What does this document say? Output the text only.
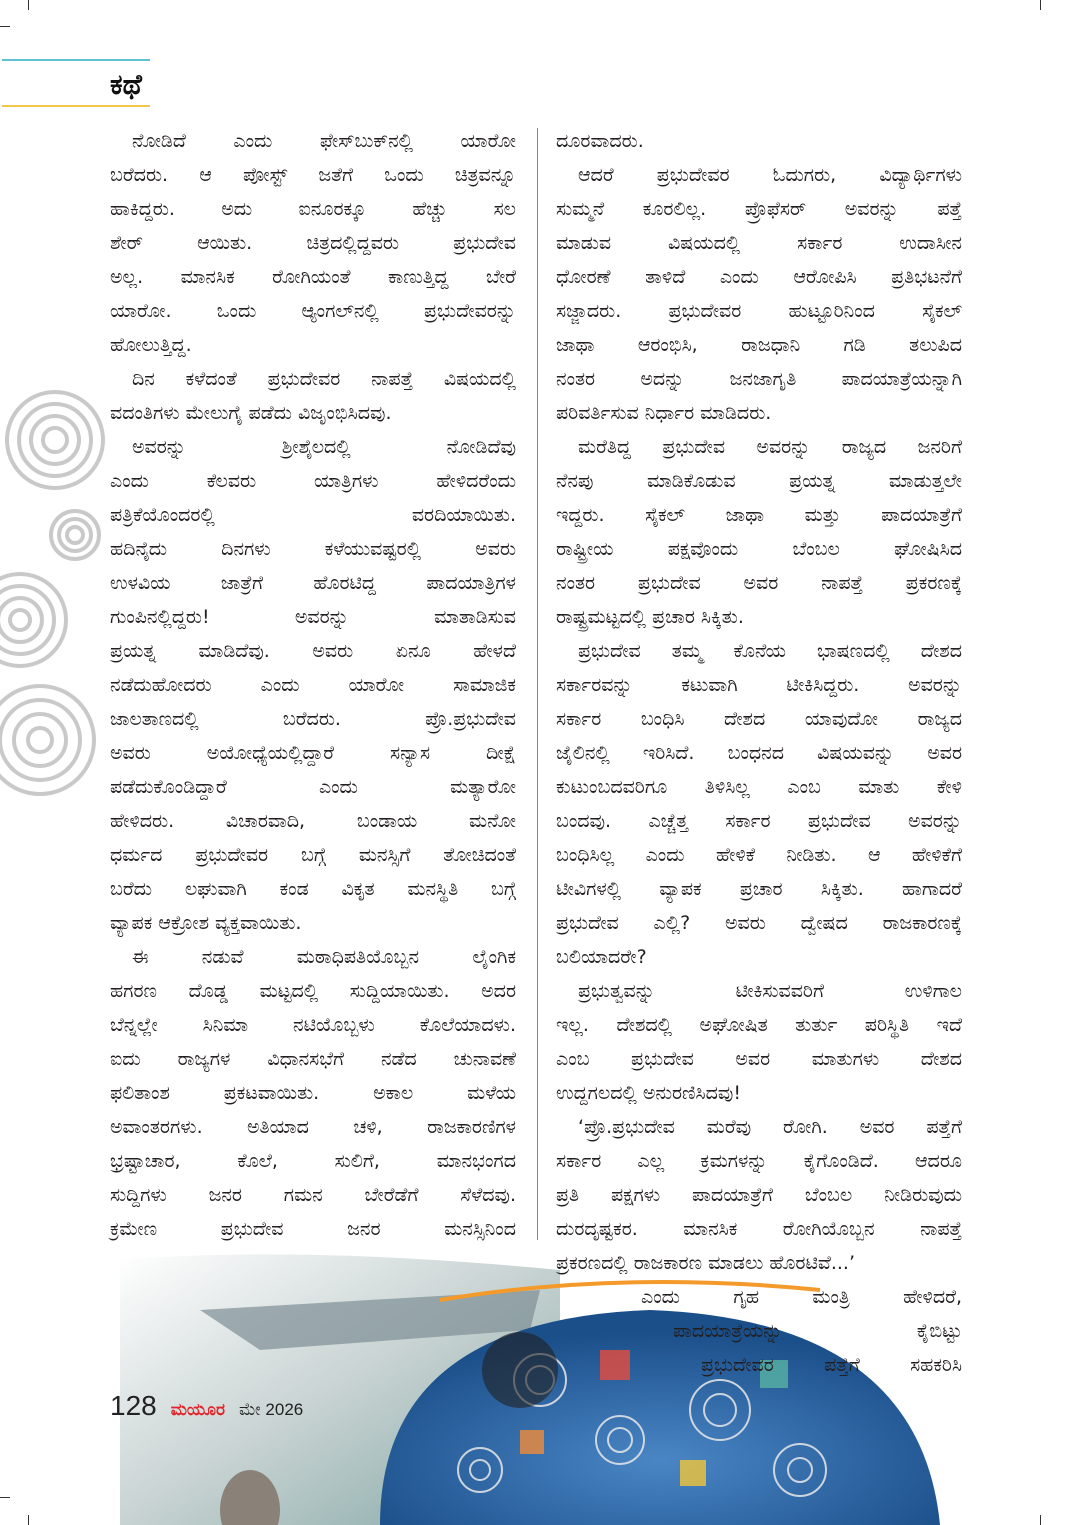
ಕಥೆ
ನೋಡಿದೆ ಎಂದು ಫೇಸ್‌ಬುಕ್‌ನಲ್ಲಿ ಯಾರೋ
ಬರೆದರು. ಆ ಪೋಸ್ಟ್ ಜತೆಗೆ ಒಂದು ಚಿತ್ರವನ್ನೂ
ಹಾಕಿದ್ದರು. ಅದು ಐನೂರಕ್ಕೂ ಹೆಚ್ಚು ಸಲ
ಶೇರ್ ಆಯಿತು. ಚಿತ್ರದಲ್ಲಿದ್ದವರು ಪ್ರಭುದೇವ
ಅಲ್ಲ. ಮಾನಸಿಕ ರೋಗಿಯಂತೆ ಕಾಣುತ್ತಿದ್ದ ಬೇರೆ
ಯಾರೋ. ಒಂದು ಆ್ಯಂಗಲ್‌ನಲ್ಲಿ ಪ್ರಭುದೇವರನ್ನು
ಹೋಲುತ್ತಿದ್ದ.
ದಿನ ಕಳೆದಂತೆ ಪ್ರಭುದೇವರ ನಾಪತ್ತೆ ವಿಷಯದಲ್ಲಿ
ವದಂತಿಗಳು ಮೇಲುಗೈ ಪಡೆದು ವಿಜೃಂಭಿಸಿದವು.
ಅವರನ್ನು ಶ್ರೀಶೈಲದಲ್ಲಿ ನೋಡಿದೆವು
ಎಂದು ಕೆಲವರು ಯಾತ್ರಿಗಳು ಹೇಳಿದರೆಂದು
ಪತ್ರಿಕೆಯೊಂದರಲ್ಲಿ ವರದಿಯಾಯಿತು.
ಹದಿನೈದು ದಿನಗಳು ಕಳೆಯುವಷ್ಟರಲ್ಲಿ ಅವರು
ಉಳವಿಯ ಜಾತ್ರೆಗೆ ಹೊರಟಿದ್ದ ಪಾದಯಾತ್ರಿಗಳ
ಗುಂಪಿನಲ್ಲಿದ್ದರು! ಅವರನ್ನು ಮಾತಾಡಿಸುವ
ಪ್ರಯತ್ನ ಮಾಡಿದೆವು. ಅವರು ಏನೂ ಹೇಳದೆ
ನಡೆದುಹೋದರು ಎಂದು ಯಾರೋ ಸಾಮಾಜಿಕ
ಜಾಲತಾಣದಲ್ಲಿ ಬರೆದರು. ಪ್ರೊ.ಪ್ರಭುದೇವ
ಅವರು ಅಯೋಧ್ಯೆಯಲ್ಲಿದ್ದಾರೆ ಸನ್ಯಾಸ ದೀಕ್ಷೆ
ಪಡೆದುಕೊಂಡಿದ್ದಾರೆ ಎಂದು ಮತ್ಯಾರೋ
ಹೇಳಿದರು. ವಿಚಾರವಾದಿ, ಬಂಡಾಯ ಮನೋ
ಧರ್ಮದ ಪ್ರಭುದೇವರ ಬಗ್ಗೆ ಮನಸ್ಸಿಗೆ ತೋಚಿದಂತೆ
ಬರೆದು ಲಘುವಾಗಿ ಕಂಡ ವಿಕೃತ ಮನಸ್ಥಿತಿ ಬಗ್ಗೆ
ವ್ಯಾಪಕ ಆಕ್ರೋಶ ವ್ಯಕ್ತವಾಯಿತು.
ಈ ನಡುವೆ ಮಠಾಧಿಪತಿಯೊಬ್ಬನ ಲೈಂಗಿಕ
ಹಗರಣ ದೊಡ್ಡ ಮಟ್ಟದಲ್ಲಿ ಸುದ್ದಿಯಾಯಿತು. ಅದರ
ಬೆನ್ನಲ್ಲೇ ಸಿನಿಮಾ ನಟಿಯೊಬ್ಬಳು ಕೊಲೆಯಾದಳು.
ಐದು ರಾಜ್ಯಗಳ ವಿಧಾನಸಭೆಗೆ ನಡೆದ ಚುನಾವಣೆ
ಫಲಿತಾಂಶ ಪ್ರಕಟವಾಯಿತು. ಅಕಾಲ ಮಳೆಯ
ಅವಾಂತರಗಳು. ಅತಿಯಾದ ಚಳಿ, ರಾಜಕಾರಣಿಗಳ
ಭ್ರಷ್ಟಾಚಾರ, ಕೊಲೆ, ಸುಲಿಗೆ, ಮಾನಭಂಗದ
ಸುದ್ದಿಗಳು ಜನರ ಗಮನ ಬೇರೆಡೆಗೆ ಸೆಳೆದವು.
ಕ್ರಮೇಣ ಪ್ರಭುದೇವ ಜನರ ಮನಸ್ಸಿನಿಂದ
ದೂರವಾದರು.
ಆದರೆ ಪ್ರಭುದೇವರ ಓದುಗರು, ವಿದ್ಯಾರ್ಥಿಗಳು
ಸುಮ್ಮನೆ ಕೂರಲಿಲ್ಲ. ಪ್ರೊಫೆಸರ್ ಅವರನ್ನು ಪತ್ತೆ
ಮಾಡುವ ವಿಷಯದಲ್ಲಿ ಸರ್ಕಾರ ಉದಾಸೀನ
ಧೋರಣೆ ತಾಳಿದೆ ಎಂದು ಆರೋಪಿಸಿ ಪ್ರತಿಭಟನೆಗೆ
ಸಜ್ಜಾದರು. ಪ್ರಭುದೇವರ ಹುಟ್ಟೂರಿನಿಂದ ಸೈಕಲ್
ಜಾಥಾ ಆರಂಭಿಸಿ, ರಾಜಧಾನಿ ಗಡಿ ತಲುಪಿದ
ನಂತರ ಅದನ್ನು ಜನಜಾಗೃತಿ ಪಾದಯಾತ್ರೆಯನ್ನಾಗಿ
ಪರಿವರ್ತಿಸುವ ನಿರ್ಧಾರ ಮಾಡಿದರು.
ಮರೆತಿದ್ದ ಪ್ರಭುದೇವ ಅವರನ್ನು ರಾಜ್ಯದ ಜನರಿಗೆ
ನೆನಪು ಮಾಡಿಕೊಡುವ ಪ್ರಯತ್ನ ಮಾಡುತ್ತಲೇ
ಇದ್ದರು. ಸೈಕಲ್ ಜಾಥಾ ಮತ್ತು ಪಾದಯಾತ್ರೆಗೆ
ರಾಷ್ಟ್ರೀಯ ಪಕ್ಷವೊಂದು ಬೆಂಬಲ ಘೋಷಿಸಿದ
ನಂತರ ಪ್ರಭುದೇವ ಅವರ ನಾಪತ್ತೆ ಪ್ರಕರಣಕ್ಕೆ
ರಾಷ್ಟ್ರಮಟ್ಟದಲ್ಲಿ ಪ್ರಚಾರ ಸಿಕ್ಕಿತು.
ಪ್ರಭುದೇವ ತಮ್ಮ ಕೊನೆಯ ಭಾಷಣದಲ್ಲಿ ದೇಶದ
ಸರ್ಕಾರವನ್ನು ಕಟುವಾಗಿ ಟೀಕಿಸಿದ್ದರು. ಅವರನ್ನು
ಸರ್ಕಾರ ಬಂಧಿಸಿ ದೇಶದ ಯಾವುದೋ ರಾಜ್ಯದ
ಜೈಲಿನಲ್ಲಿ ಇರಿಸಿದೆ. ಬಂಧನದ ವಿಷಯವನ್ನು ಅವರ
ಕುಟುಂಬದವರಿಗೂ ತಿಳಿಸಿಲ್ಲ ಎಂಬ ಮಾತು ಕೇಳಿ
ಬಂದವು. ಎಚ್ಚೆತ್ತ ಸರ್ಕಾರ ಪ್ರಭುದೇವ ಅವರನ್ನು
ಬಂಧಿಸಿಲ್ಲ ಎಂದು ಹೇಳಿಕೆ ನೀಡಿತು. ಆ ಹೇಳಿಕೆಗೆ
ಟೀವಿಗಳಲ್ಲಿ ವ್ಯಾಪಕ ಪ್ರಚಾರ ಸಿಕ್ಕಿತು. ಹಾಗಾದರೆ
ಪ್ರಭುದೇವ ಎಲ್ಲಿ? ಅವರು ದ್ವೇಷದ ರಾಜಕಾರಣಕ್ಕೆ
ಬಲಿಯಾದರೇ?
ಪ್ರಭುತ್ವವನ್ನು ಟೀಕಿಸುವವರಿಗೆ ಉಳಿಗಾಲ
ಇಲ್ಲ. ದೇಶದಲ್ಲಿ ಅಘೋಷಿತ ತುರ್ತು ಪರಿಸ್ಥಿತಿ ಇದೆ
ಎಂಬ ಪ್ರಭುದೇವ ಅವರ ಮಾತುಗಳು ದೇಶದ
ಉದ್ದಗಲದಲ್ಲಿ ಅನುರಣಿಸಿದವು!
‘ಪ್ರೊ.ಪ್ರಭುದೇವ ಮರೆವು ರೋಗಿ. ಅವರ ಪತ್ತೆಗೆ
ಸರ್ಕಾರ ಎಲ್ಲ ಕ್ರಮಗಳನ್ನು ಕೈಗೊಂಡಿದೆ. ಆದರೂ
ಪ್ರತಿ ಪಕ್ಷಗಳು ಪಾದಯಾತ್ರೆಗೆ ಬೆಂಬಲ ನೀಡಿರುವುದು
ದುರದೃಷ್ಟಕರ. ಮಾನಸಿಕ ರೋಗಿಯೊಬ್ಬನ ನಾಪತ್ತೆ
ಪ್ರಕರಣದಲ್ಲಿ ರಾಜಕಾರಣ ಮಾಡಲು ಹೊರಟಿವೆ...’
ಎಂದು ಗೃಹ ಮಂತ್ರಿ ಹೇಳಿದರೆ,
ಪಾದಯಾತ್ರೆಯನ್ನು ಕೈಬಿಟ್ಟು
ಪ್ರಭುದೇವರ ಪತ್ತೆಗೆ ಸಹಕರಿಸಿ
128 ಮಯೂರ ಮೇ 2026
